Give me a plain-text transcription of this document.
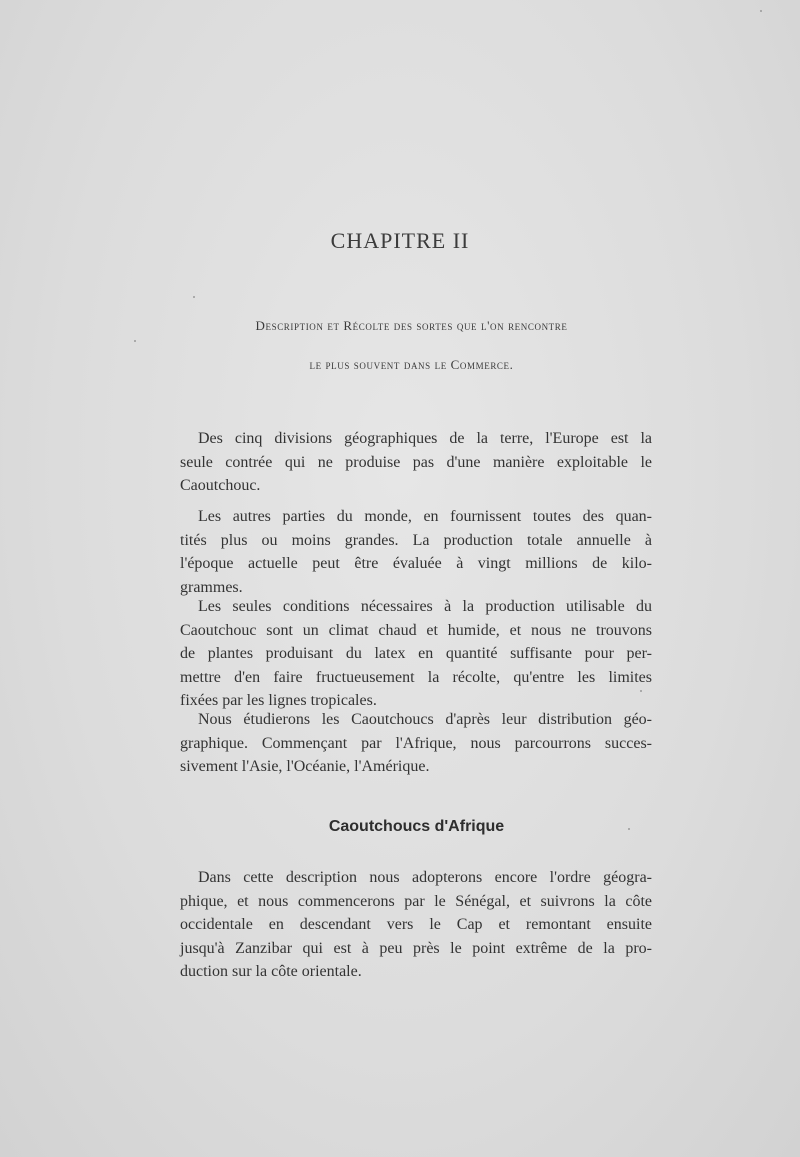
CHAPITRE II
Description et Récolte des sortes que l'on rencontre
le plus souvent dans le Commerce.
Des cinq divisions géographiques de la terre, l'Europe est la
seule contrée qui ne produise pas d'une manière exploitable le
Caoutchouc.
Les autres parties du monde, en fournissent toutes des quan-
tités plus ou moins grandes. La production totale annuelle à
l'époque actuelle peut être évaluée à vingt millions de kilo-
grammes.
Les seules conditions nécessaires à la production utilisable du
Caoutchouc sont un climat chaud et humide, et nous ne trouvons
de plantes produisant du latex en quantité suffisante pour per-
mettre d'en faire fructueusement la récolte, qu'entre les limites
fixées par les lignes tropicales.
Nous étudierons les Caoutchoucs d'après leur distribution géo-
graphique. Commençant par l'Afrique, nous parcourrons succes-
sivement l'Asie, l'Océanie, l'Amérique.
Caoutchoucs d'Afrique
Dans cette description nous adopterons encore l'ordre géogra-
phique, et nous commencerons par le Sénégal, et suivrons la côte
occidentale en descendant vers le Cap et remontant ensuite
jusqu'à Zanzibar qui est à peu près le point extrême de la pro-
duction sur la côte orientale.
